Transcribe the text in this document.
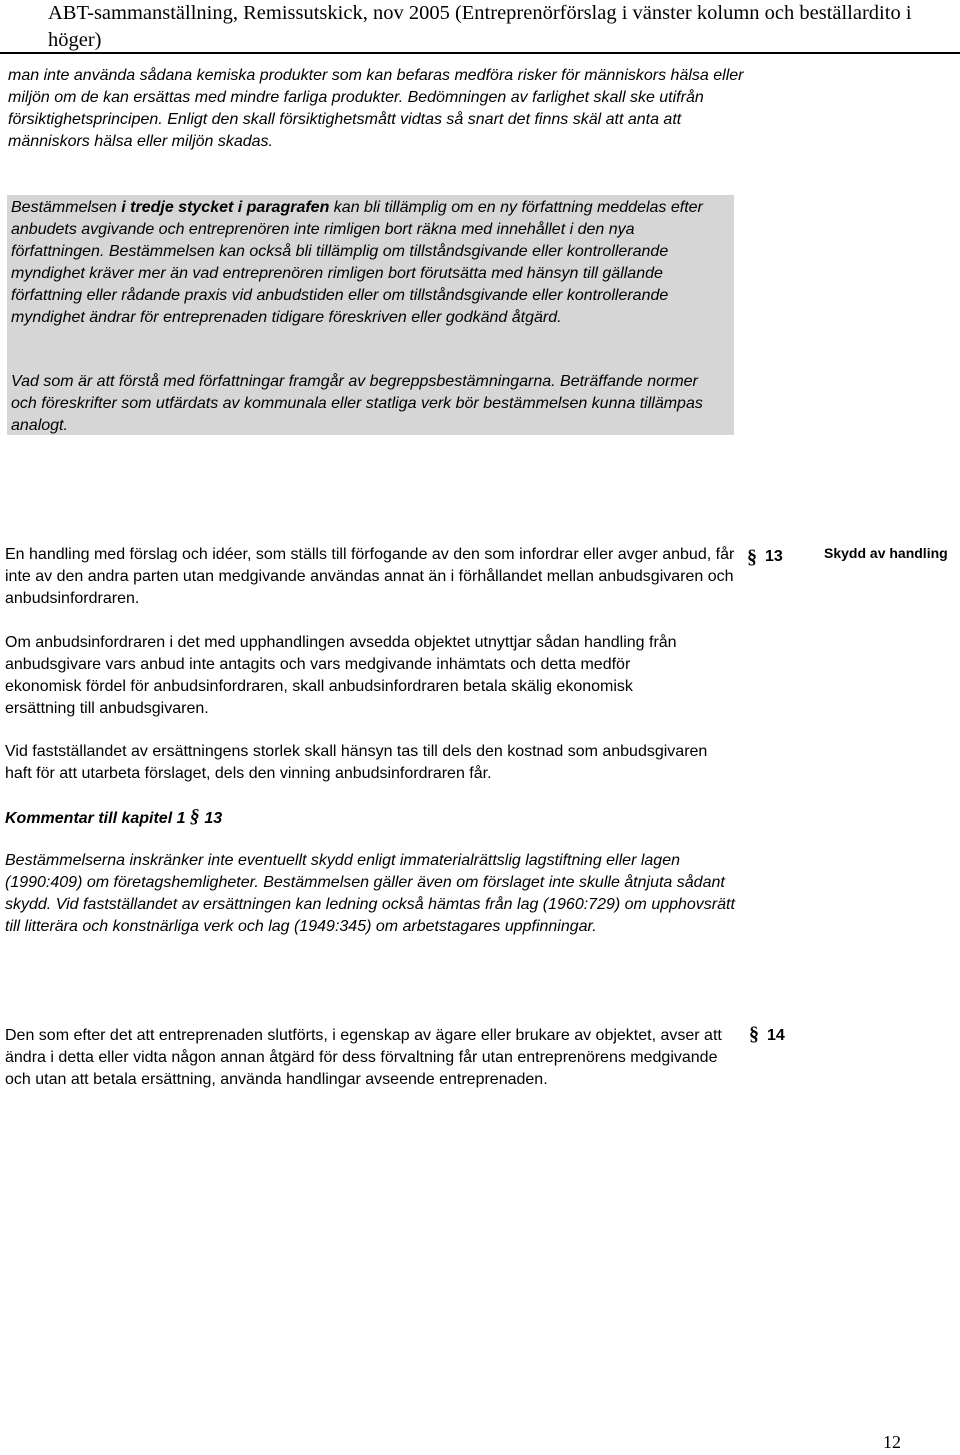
ABT-sammanställning, Remissutskick, nov 2005 (Entreprenörförslag i vänster kolumn och beställardito i höger)

man inte använda sådana kemiska produkter som kan befaras medföra risker för människors hälsa eller miljön om de kan ersättas med mindre farliga produkter. Bedömningen av farlighet skall ske utifrån försiktighetsprincipen. Enligt den skall försiktighetsmått vidtas så snart det finns skäl att anta att människors hälsa eller miljön skadas.

Bestämmelsen i tredje stycket i paragrafen kan bli tillämplig om en ny författning meddelas efter anbudets avgivande och entreprenören inte rimligen bort räkna med innehållet i den nya författningen. Bestämmelsen kan också bli tillämplig om tillståndsgivande eller kontrollerande myndighet kräver mer än vad entreprenören rimligen bort förutsätta med hänsyn till gällande författning eller rådande praxis vid anbudstiden eller om tillståndsgivande eller kontrollerande myndighet ändrar för entreprenaden tidigare föreskriven eller godkänd åtgärd.

Vad som är att förstå med författningar framgår av begreppsbestämningarna. Beträffande normer och föreskrifter som utfärdats av kommunala eller statliga verk bör bestämmelsen kunna tillämpas analogt.

En handling med förslag och idéer, som ställs till förfogande av den som infordrar eller avger anbud, får inte av den andra parten utan medgivande användas annat än i förhållandet mellan anbudsgivaren och anbudsinfordraren.

§ 13	Skydd av handling

Om anbudsinfordraren i det med upphandlingen avsedda objektet utnyttjar sådan handling från anbudsgivare vars anbud inte antagits och vars medgivande inhämtats och detta medför ekonomisk fördel för anbudsinfordraren, skall anbudsinfordraren betala skälig ekonomisk ersättning till anbudsgivaren.

Vid fastställandet av ersättningens storlek skall hänsyn tas till dels den kostnad som anbudsgivaren haft för att utarbeta förslaget, dels den vinning anbudsinfordraren får.

Kommentar till kapitel 1 § 13

Bestämmelserna inskränker inte eventuellt skydd enligt immaterialrättslig lagstiftning eller lagen (1990:409) om företagshemligheter. Bestämmelsen gäller även om förslaget inte skulle åtnjuta sådant skydd. Vid fastställandet av ersättningen kan ledning också hämtas från lag (1960:729) om upphovsrätt till litterära och konstnärliga verk och lag (1949:345) om arbetstagares uppfinningar.

Den som efter det att entreprenaden slutförts, i egenskap av ägare eller brukare av objektet, avser att ändra i detta eller vidta någon annan åtgärd för dess förvaltning får utan entreprenörens medgivande och utan att betala ersättning, använda handlingar avseende entreprenaden.

§ 14
12
